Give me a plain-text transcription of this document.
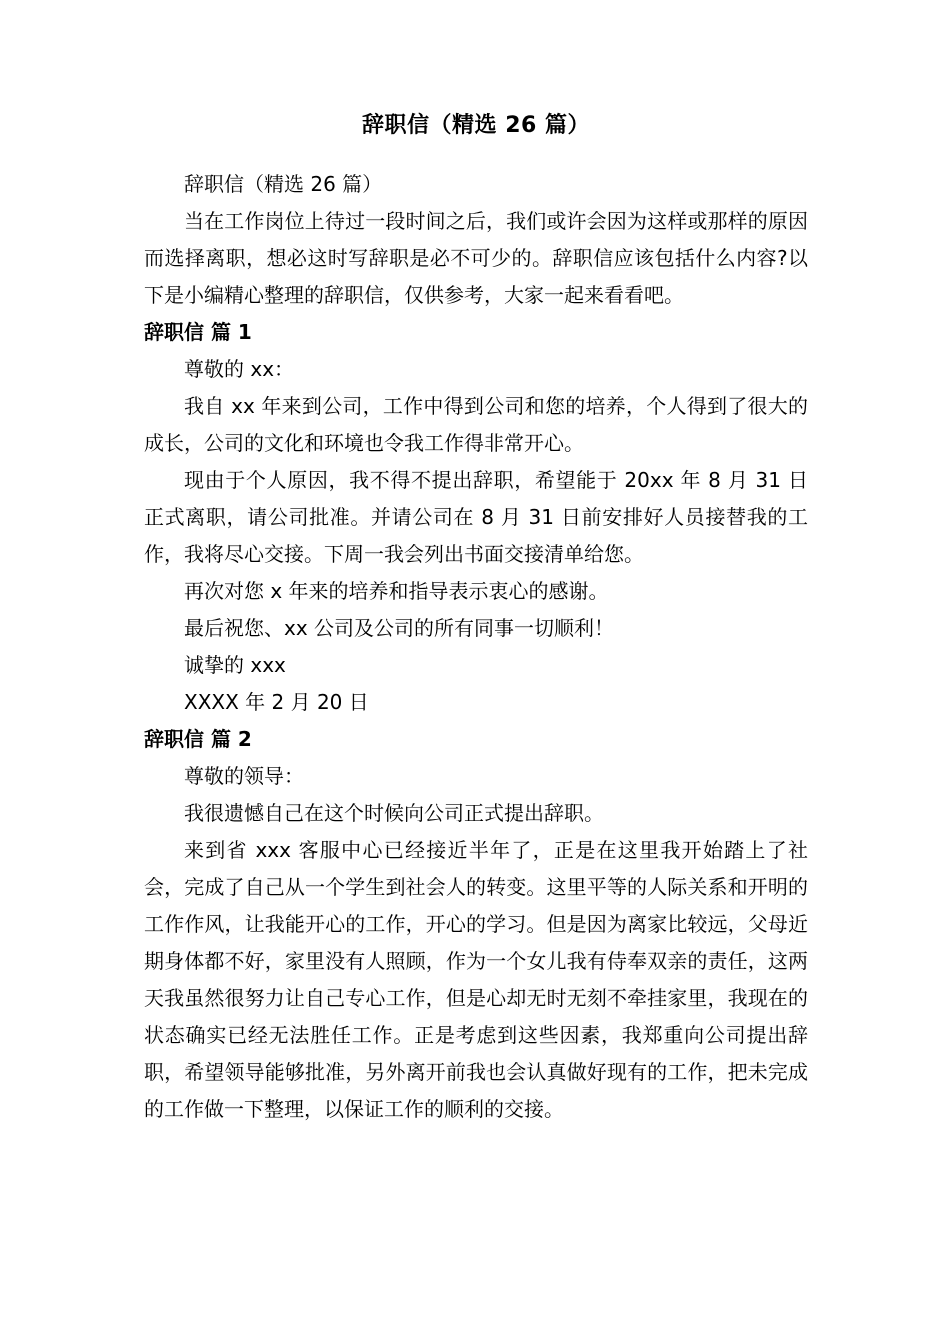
辞职信（精选 26 篇）

辞职信（精选 26 篇）

当在工作岗位上待过一段时间之后，我们或许会因为这样或那样的原因而选择离职，想必这时写辞职是必不可少的。辞职信应该包括什么内容?以下是小编精心整理的辞职信，仅供参考，大家一起来看看吧。

辞职信 篇 1

尊敬的 xx：

我自 xx 年来到公司，工作中得到公司和您的培养，个人得到了很大的成长，公司的文化和环境也令我工作得非常开心。

现由于个人原因，我不得不提出辞职，希望能于 20xx 年 8 月 31 日正式离职，请公司批准。并请公司在 8 月 31 日前安排好人员接替我的工作，我将尽心交接。下周一我会列出书面交接清单给您。

再次对您 x 年来的培养和指导表示衷心的感谢。

最后祝您、xx 公司及公司的所有同事一切顺利！

诚挚的 xxx

XXXX 年 2 月 20 日

辞职信 篇 2

尊敬的领导：

我很遗憾自己在这个时候向公司正式提出辞职。

来到省 xxx 客服中心已经接近半年了，正是在这里我开始踏上了社会，完成了自己从一个学生到社会人的转变。这里平等的人际关系和开明的工作作风，让我能开心的工作，开心的学习。但是因为离家比较远，父母近期身体都不好，家里没有人照顾，作为一个女儿我有侍奉双亲的责任，这两天我虽然很努力让自己专心工作，但是心却无时无刻不牵挂家里，我现在的状态确实已经无法胜任工作。正是考虑到这些因素，我郑重向公司提出辞职，希望领导能够批准，另外离开前我也会认真做好现有的工作，把未完成的工作做一下整理，以保证工作的顺利的交接。
